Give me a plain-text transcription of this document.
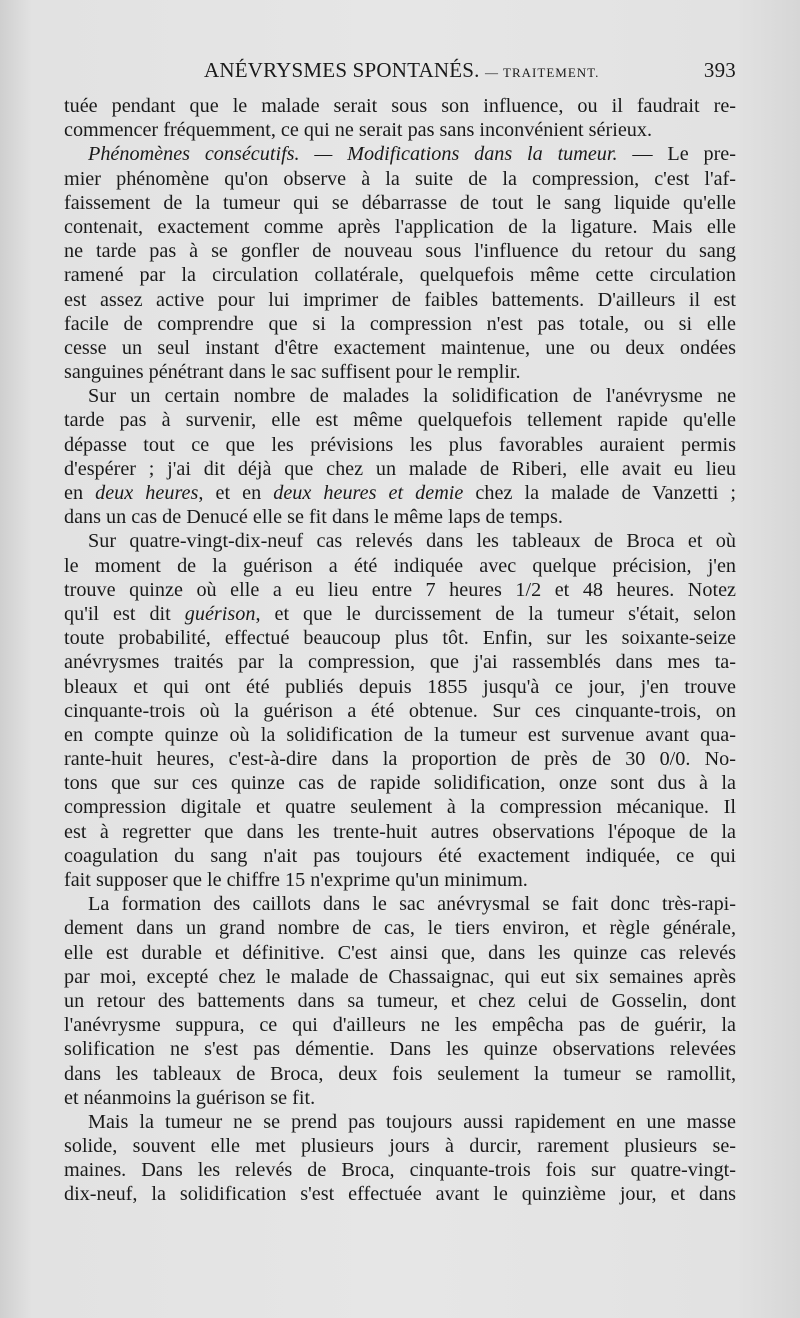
ANÉVRYSMES SPONTANÉS. — TRAITEMENT.	393
tuée pendant que le malade serait sous son influence, ou il faudrait re-
commencer fréquemment, ce qui ne serait pas sans inconvénient sérieux.
Phénomènes consécutifs. — Modifications dans la tumeur. — Le pre-
mier phénomène qu'on observe à la suite de la compression, c'est l'af-
faissement de la tumeur qui se débarrasse de tout le sang liquide qu'elle
contenait, exactement comme après l'application de la ligature. Mais elle
ne tarde pas à se gonfler de nouveau sous l'influence du retour du sang
ramené par la circulation collatérale, quelquefois même cette circulation
est assez active pour lui imprimer de faibles battements. D'ailleurs il est
facile de comprendre que si la compression n'est pas totale, ou si elle
cesse un seul instant d'être exactement maintenue, une ou deux ondées
sanguines pénétrant dans le sac suffisent pour le remplir.
Sur un certain nombre de malades la solidification de l'anévrysme ne
tarde pas à survenir, elle est même quelquefois tellement rapide qu'elle
dépasse tout ce que les prévisions les plus favorables auraient permis
d'espérer ; j'ai dit déjà que chez un malade de Riberi, elle avait eu lieu
en deux heures, et en deux heures et demie chez la malade de Vanzetti ;
dans un cas de Denucé elle se fit dans le même laps de temps.
Sur quatre-vingt-dix-neuf cas relevés dans les tableaux de Broca et où
le moment de la guérison a été indiquée avec quelque précision, j'en
trouve quinze où elle a eu lieu entre 7 heures 1/2 et 48 heures. Notez
qu'il est dit guérison, et que le durcissement de la tumeur s'était, selon
toute probabilité, effectué beaucoup plus tôt. Enfin, sur les soixante-seize
anévrysmes traités par la compression, que j'ai rassemblés dans mes ta-
bleaux et qui ont été publiés depuis 1855 jusqu'à ce jour, j'en trouve
cinquante-trois où la guérison a été obtenue. Sur ces cinquante-trois, on
en compte quinze où la solidification de la tumeur est survenue avant qua-
rante-huit heures, c'est-à-dire dans la proportion de près de 30 0/0. No-
tons que sur ces quinze cas de rapide solidification, onze sont dus à la
compression digitale et quatre seulement à la compression mécanique. Il
est à regretter que dans les trente-huit autres observations l'époque de la
coagulation du sang n'ait pas toujours été exactement indiquée, ce qui
fait supposer que le chiffre 15 n'exprime qu'un minimum.
La formation des caillots dans le sac anévrysmal se fait donc très-rapi-
dement dans un grand nombre de cas, le tiers environ, et règle générale,
elle est durable et définitive. C'est ainsi que, dans les quinze cas relevés
par moi, excepté chez le malade de Chassaignac, qui eut six semaines après
un retour des battements dans sa tumeur, et chez celui de Gosselin, dont
l'anévrysme suppura, ce qui d'ailleurs ne les empêcha pas de guérir, la
solification ne s'est pas démentie. Dans les quinze observations relevées
dans les tableaux de Broca, deux fois seulement la tumeur se ramollit,
et néanmoins la guérison se fit.
Mais la tumeur ne se prend pas toujours aussi rapidement en une masse
solide, souvent elle met plusieurs jours à durcir, rarement plusieurs se-
maines. Dans les relevés de Broca, cinquante-trois fois sur quatre-vingt-
dix-neuf, la solidification s'est effectuée avant le quinzième jour, et dans
